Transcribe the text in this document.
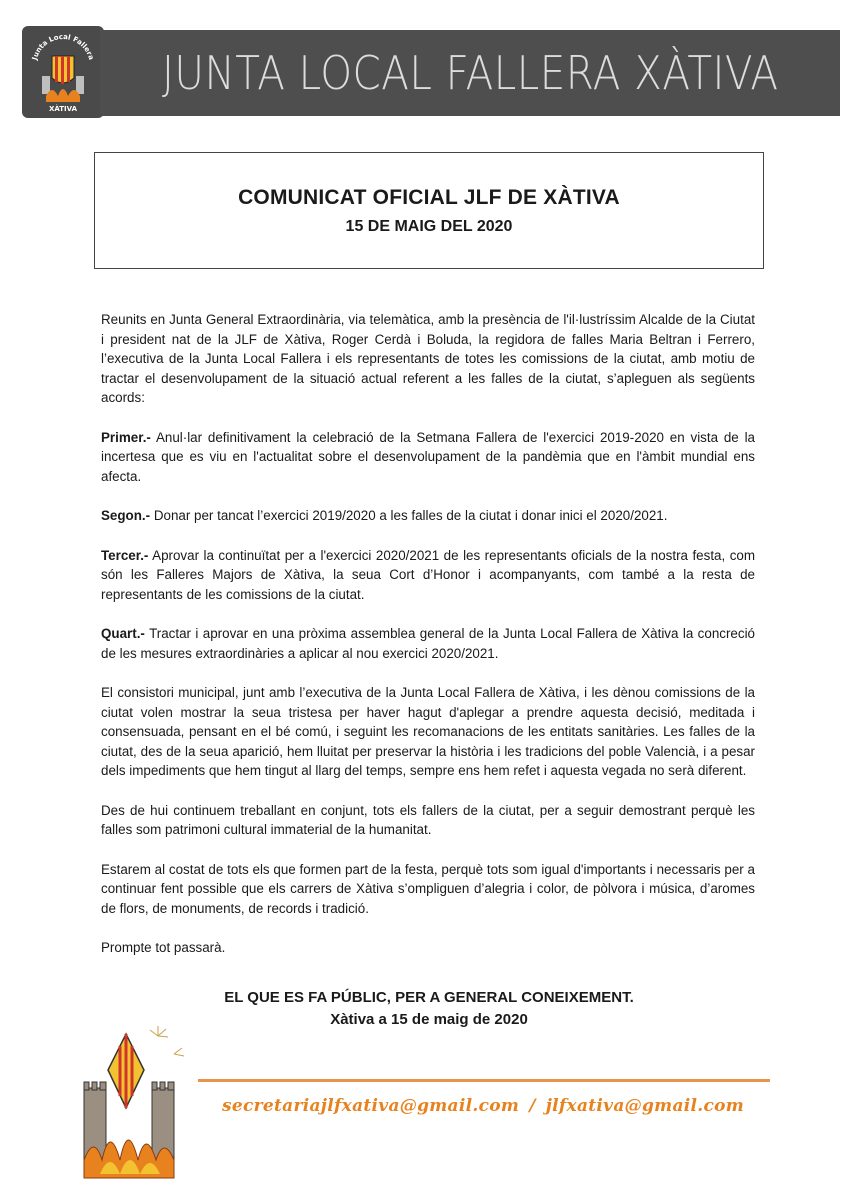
Junta Local Fallera
XÀTIVA
JUNTA LOCAL FALLERA XÀTIVA
COMUNICAT OFICIAL JLF DE XÀTIVA
15 DE MAIG DEL 2020

Reunits en Junta General Extraordinària, via telemàtica, amb la presència de l'il·lustríssim Alcalde de la Ciutat i president nat de la JLF de Xàtiva, Roger Cerdà i Boluda, la regidora de falles Maria Beltran i Ferrero, l’executiva de la Junta Local Fallera i els representants de totes les comissions de la ciutat, amb motiu de tractar el desenvolupament de la situació actual referent a les falles de la ciutat, s’apleguen als següents acords:

Primer.- Anul·lar definitivament la celebració de la Setmana Fallera de l'exercici 2019-2020 en vista de la incertesa que es viu en l'actualitat sobre el desenvolupament de la pandèmia que en l'àmbit mundial ens afecta.

Segon.- Donar per tancat l’exercici 2019/2020 a les falles de la ciutat i donar inici el 2020/2021.

Tercer.- Aprovar la continuïtat per a l'exercici 2020/2021 de les representants oficials de la nostra festa, com són les Falleres Majors de Xàtiva, la seua Cort d’Honor i acompanyants, com també a la resta de representants de les comissions de la ciutat.

Quart.- Tractar i aprovar en una pròxima assemblea general de la Junta Local Fallera de Xàtiva la concreció de les mesures extraordinàries a aplicar al nou exercici 2020/2021.

El consistori municipal, junt amb l’executiva de la Junta Local Fallera de Xàtiva, i les dènou comissions de la ciutat volen mostrar la seua tristesa per haver hagut d'aplegar a prendre aquesta decisió, meditada i consensuada, pensant en el bé comú, i seguint les recomanacions de les entitats sanitàries. Les falles de la ciutat, des de la seua aparició, hem lluitat per preservar la història i les tradicions del poble Valencià, i a pesar dels impediments que hem tingut al llarg del temps, sempre ens hem refet i aquesta vegada no serà diferent.

Des de hui continuem treballant en conjunt, tots els fallers de la ciutat, per a seguir demostrant perquè les falles som patrimoni cultural immaterial de la humanitat.

Estarem al costat de tots els que formen part de la festa, perquè tots som igual d'importants i necessaris per a continuar fent possible que els carrers de Xàtiva s’ompliguen d’alegria i color, de pòlvora i música, d’aromes de flors, de monuments, de records i tradició.

Prompte tot passarà.

EL QUE ES FA PÚBLIC, PER A GENERAL CONEIXEMENT.
Xàtiva a 15 de maig de 2020
secretariajlfxativa@gmail.com / jlfxativa@gmail.com
